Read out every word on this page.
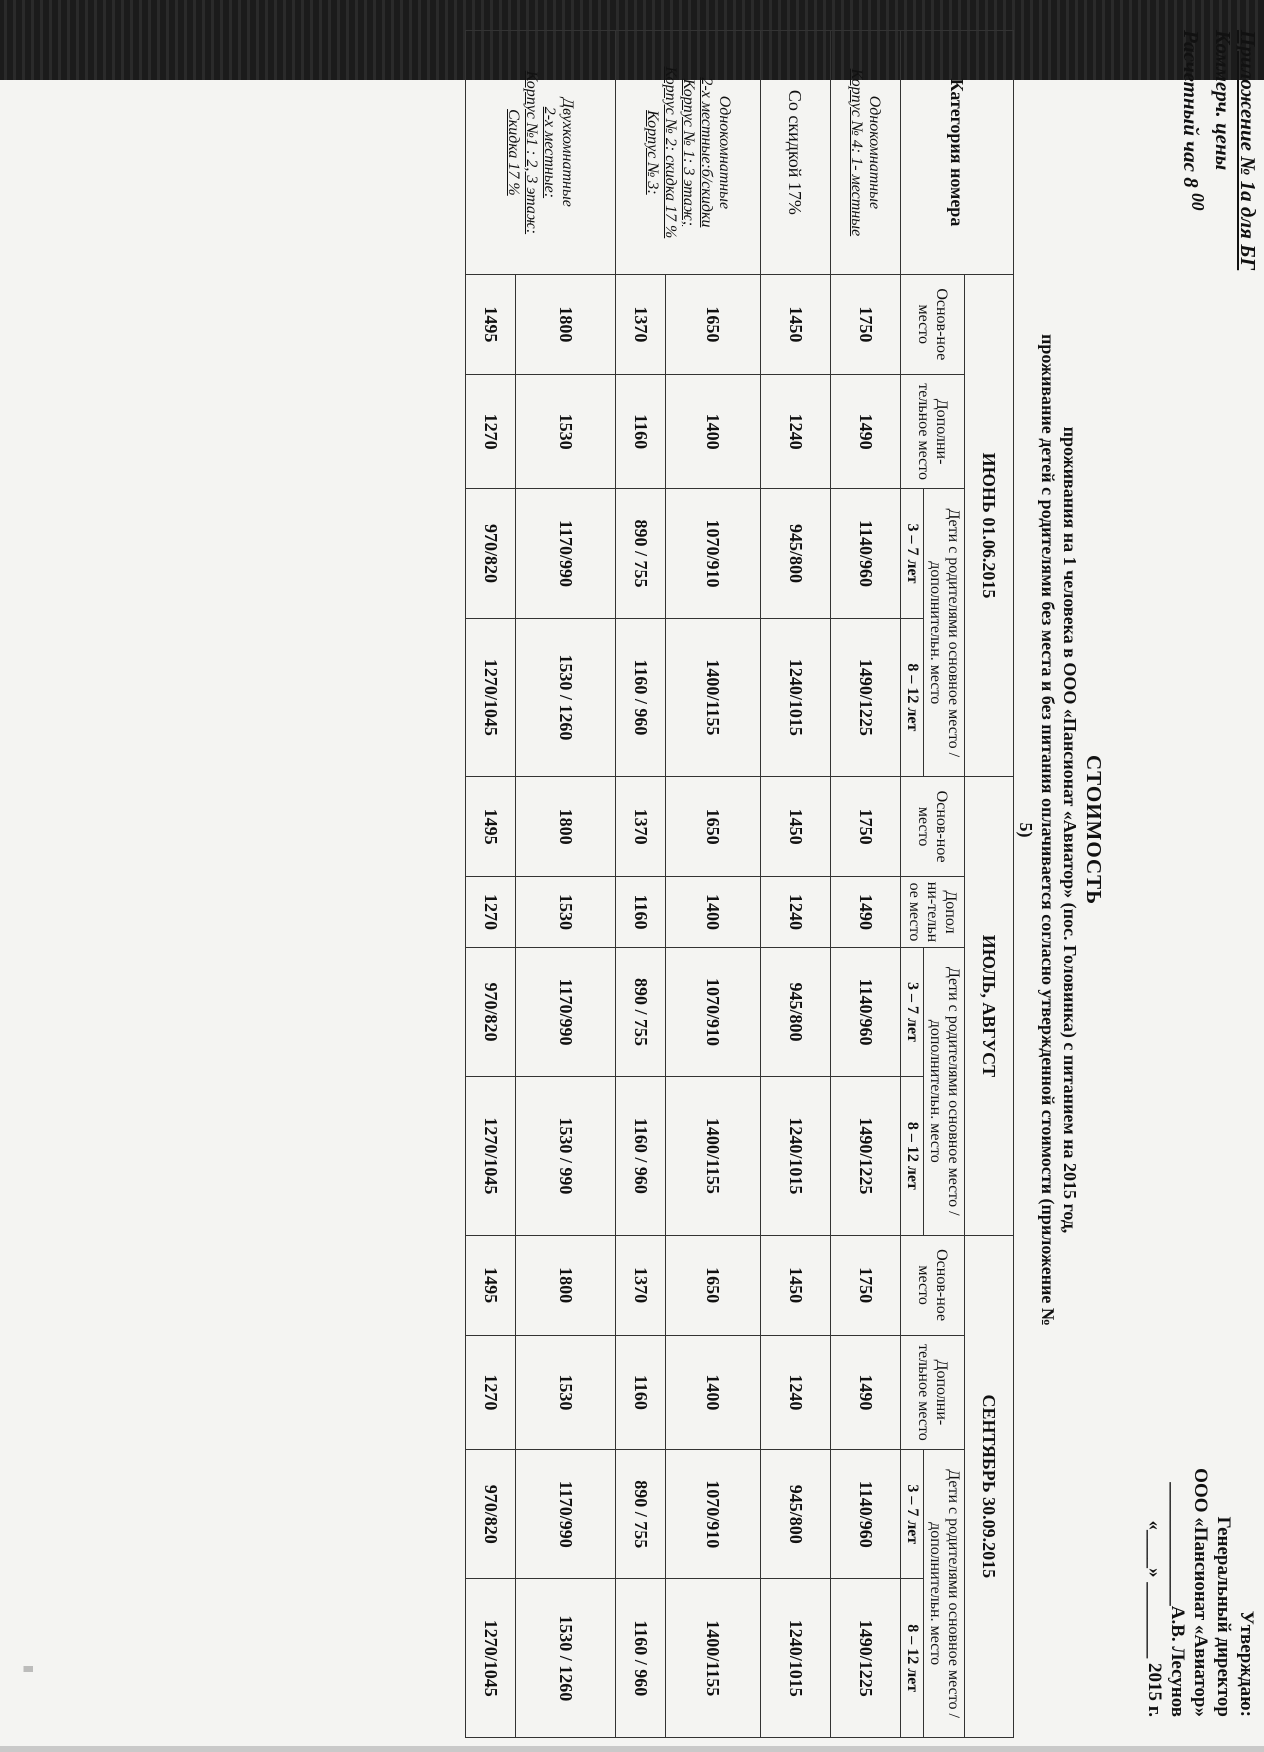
Приложение № 1а для БГ
Коммерч. цены
Расчетный час 8 $^{00}$
Утверждаю:
Генеральный директор
ООО «Пансионат «Авиатор»
_____________А.В. Лесунов
«____» ________ 2015 г.
СТОИМОСТЬ
проживания на 1 человека в ООО «Пансионат «Авиатор» (пос. Головинка) с питанием на 2015 год,
проживание детей с родителями без места и без питания оплачивается согласно утвержденной стоимости (приложение № 5)
Категория номера	ИЮНЬ 01.06.2015				ИЮЛЬ, АВГУСТ				СЕНТЯБРЬ 30.09.2015			
	Основ-ное место	Дополни-тельное место	Дети с родителями основное место / дополнительн. место		Основ-ное место	Допол ни-тельн ое место	Дети с родителями основное место / дополнительн. место		Основ-ное место	Дополни-тельное место	Дети с родителями основное место / дополнительн. место	
			3 – 7 лет	8 – 12 лет			3 – 7 лет	8 – 12 лет			3 – 7 лет	8 – 12 лет

Однокомнатные
Корпус № 4: 1- местные	1750	1490	1140/960	1490/1225	1750	1490	1140/960	1490/1225	1750	1490	1140/960	1490/1225

Со скидкой 17%	1450	1240	945/800	1240/1015	1450	1240	945/800	1240/1015	1450	1240	945/800	1240/1015

Однокомнатные
2-х местные:б/скидки
Корпус № 1: 3 этаж;
Корпус № 2: скидка 17 %
Корпус № 3:	1650	1400	1070/910	1400/1155	1650	1400	1070/910	1400/1155	1650	1400	1070/910	1400/1155
	1370	1160	890 / 755	1160 / 960	1370	1160	890 / 755	1160 / 960	1370	1160	890 / 755	1160 / 960

Двухкомнатные
2-х местные:
Корпус №1 : 2, 3 этаж:
Скидка 17 %	1800	1530	1170/990	1530 / 1260	1800	1530	1170/990	1530 / 990	1800	1530	1170/990	1530 / 1260
	1495	1270	970/820	1270/1045	1495	1270	970/820	1270/1045	1495	1270	970/820	1270/1045
|||
